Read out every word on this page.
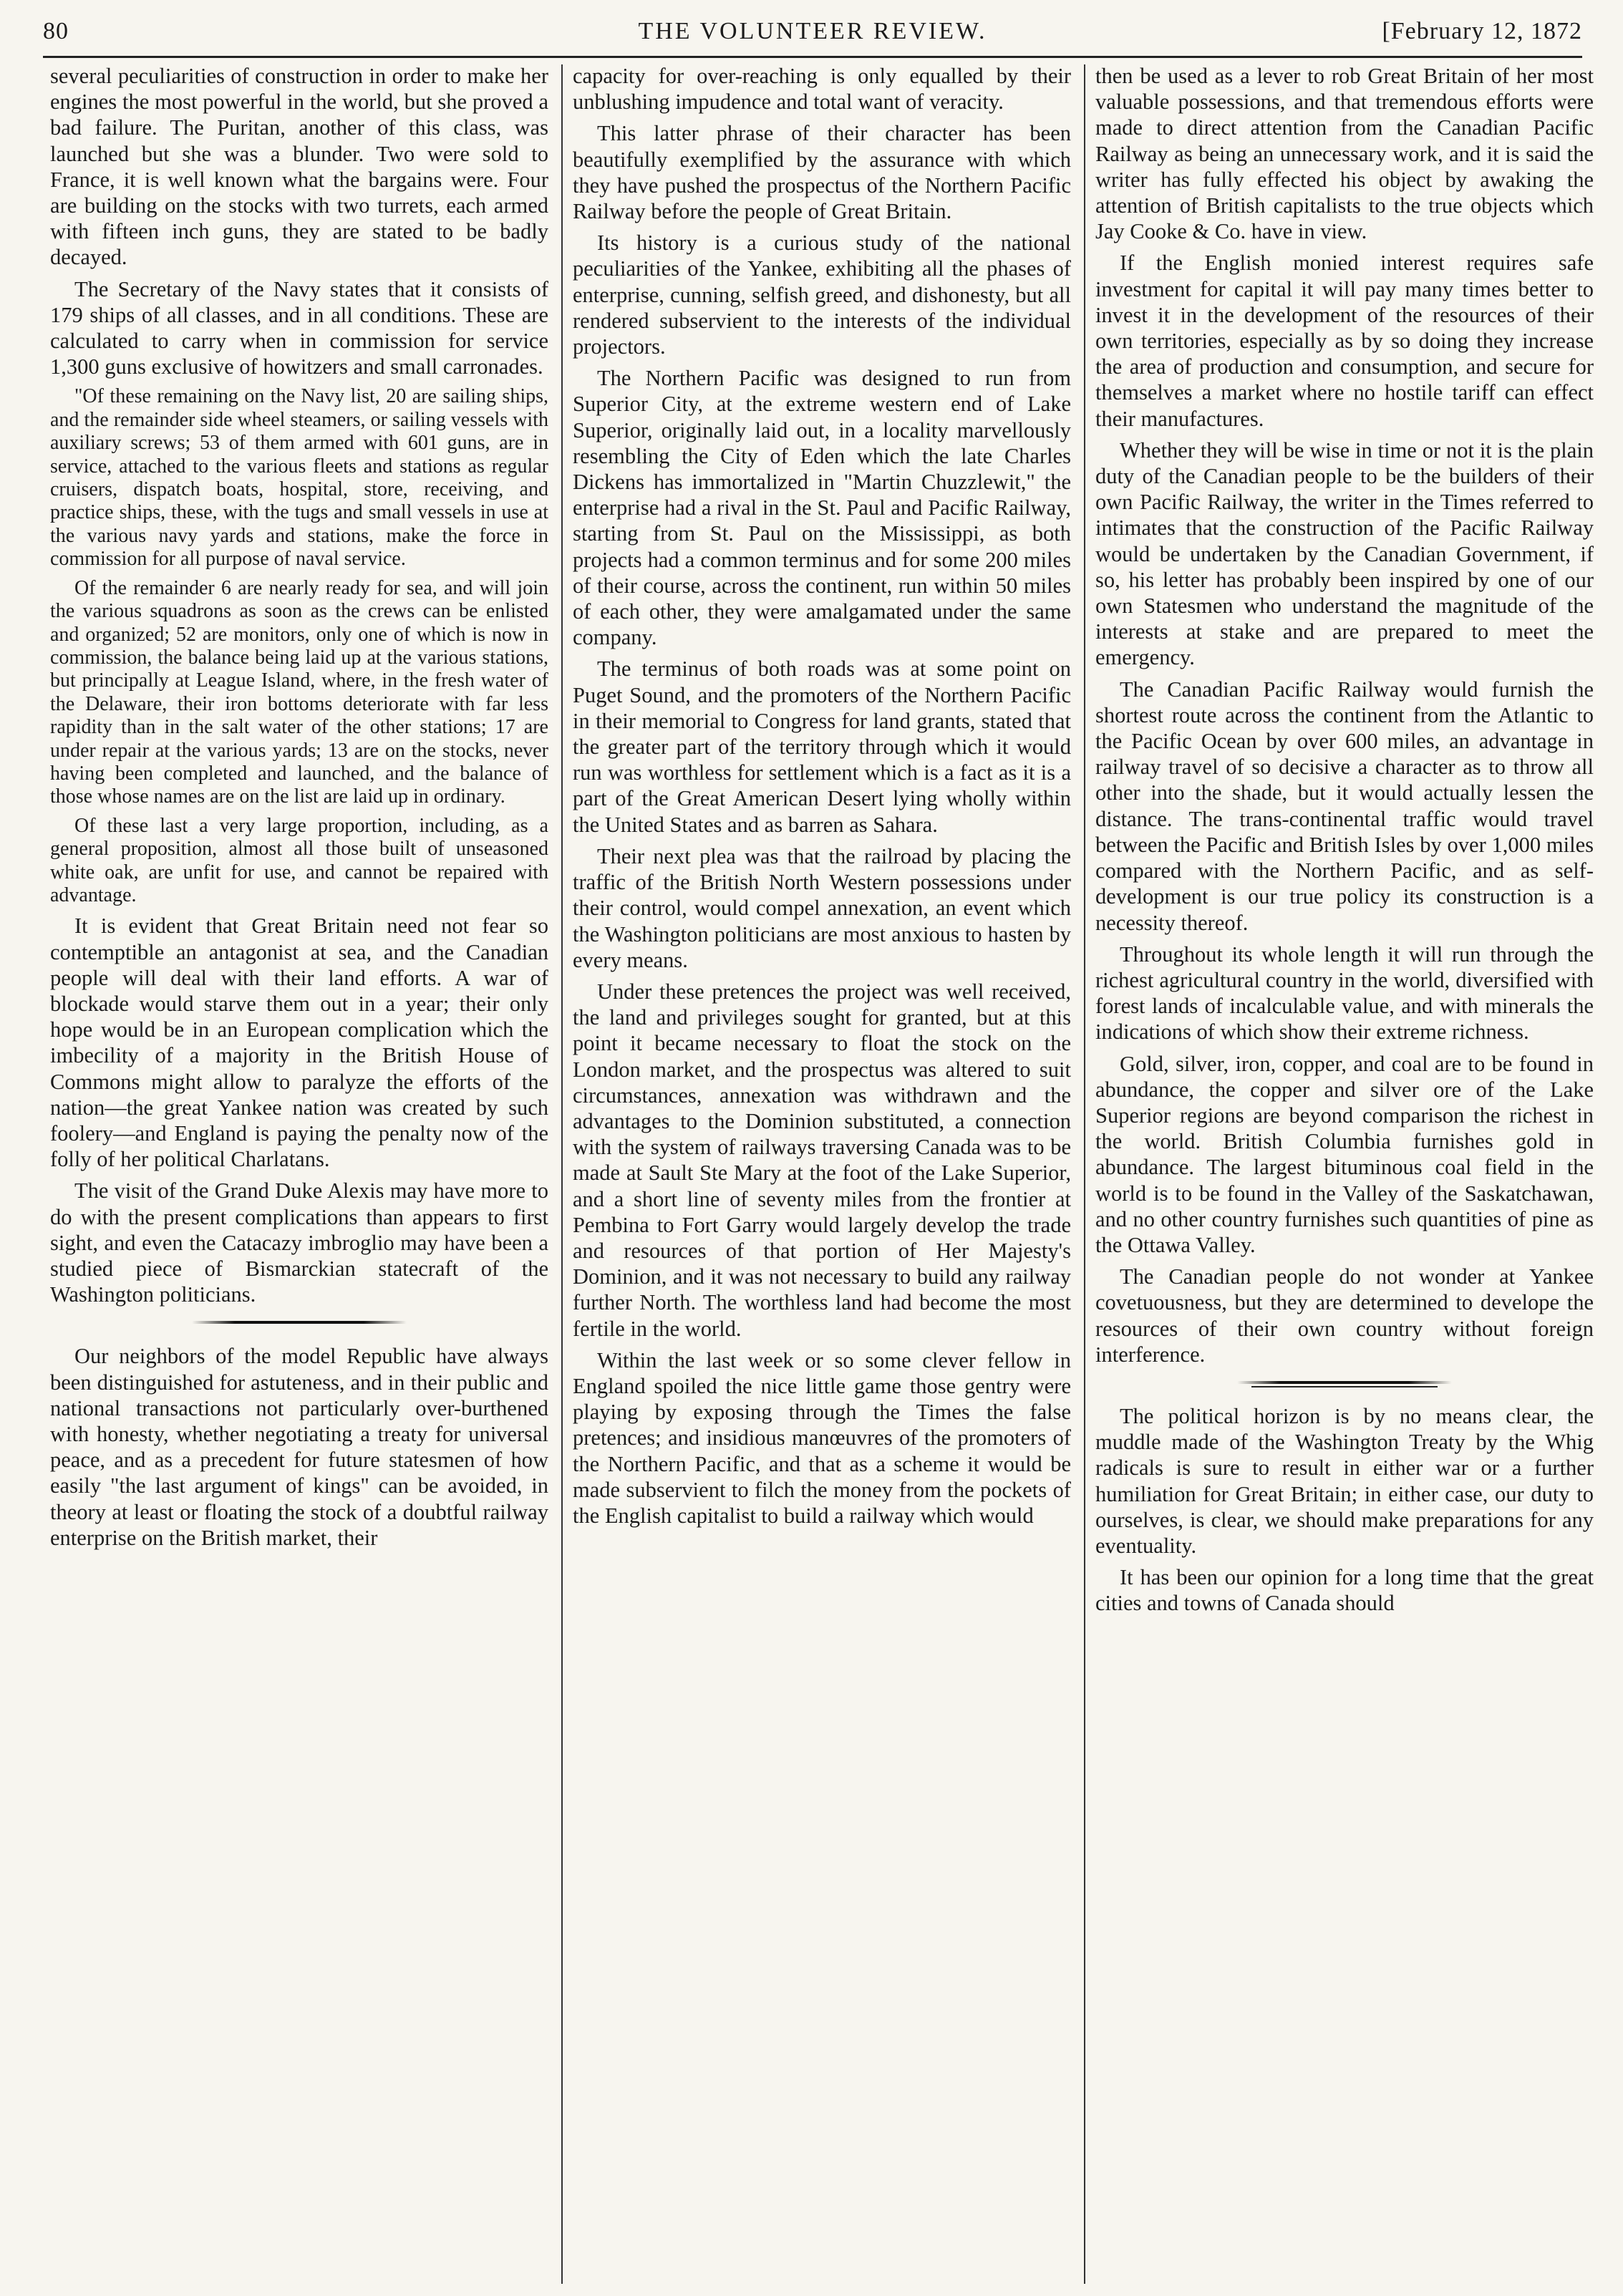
80	THE VOLUNTEER REVIEW.	[February 12, 1872

several peculiarities of construction in order to make her engines the most powerful in the world, but she proved a bad failure. The Puritan, another of this class, was launched but she was a blunder. Two were sold to France, it is well known what the bargains were. Four are building on the stocks with two turrets, each armed with fifteen inch guns, they are stated to be badly decayed.

The Secretary of the Navy states that it consists of 179 ships of all classes, and in all conditions. These are calculated to carry when in commission for service 1,300 guns exclusive of howitzers and small carronades.

"Of these remaining on the Navy list, 20 are sailing ships, and the remainder side wheel steamers, or sailing vessels with auxiliary screws; 53 of them armed with 601 guns, are in service, attached to the various fleets and stations as regular cruisers, dispatch boats, hospital, store, receiving, and practice ships, these, with the tugs and small vessels in use at the various navy yards and stations, make the force in commission for all purpose of naval service.

Of the remainder 6 are nearly ready for sea, and will join the various squadrons as soon as the crews can be enlisted and organized; 52 are monitors, only one of which is now in commission, the balance being laid up at the various stations, but principally at League Island, where, in the fresh water of the Delaware, their iron bottoms deteriorate with far less rapidity than in the salt water of the other stations; 17 are under repair at the various yards; 13 are on the stocks, never having been completed and launched, and the balance of those whose names are on the list are laid up in ordinary.

Of these last a very large proportion, including, as a general proposition, almost all those built of unseasoned white oak, are unfit for use, and cannot be repaired with advantage.

It is evident that Great Britain need not fear so contemptible an antagonist at sea, and the Canadian people will deal with their land efforts. A war of blockade would starve them out in a year; their only hope would be in an European complication which the imbecility of a majority in the British House of Commons might allow to paralyze the efforts of the nation—the great Yankee nation was created by such foolery—and England is paying the penalty now of the folly of her political Charlatans.

The visit of the Grand Duke Alexis may have more to do with the present complications than appears to first sight, and even the Catacazy imbroglio may have been a studied piece of Bismarckian statecraft of the Washington politicians.

Our neighbors of the model Republic have always been distinguished for astuteness, and in their public and national transactions not particularly over-burthened with honesty, whether negotiating a treaty for universal peace, and as a precedent for future statesmen of how easily "the last argument of kings" can be avoided, in theory at least or floating the stock of a doubtful railway enterprise on the British market, their

capacity for over-reaching is only equalled by their unblushing impudence and total want of veracity.

This latter phrase of their character has been beautifully exemplified by the assurance with which they have pushed the prospectus of the Northern Pacific Railway before the people of Great Britain.

Its history is a curious study of the national peculiarities of the Yankee, exhibiting all the phases of enterprise, cunning, selfish greed, and dishonesty, but all rendered subservient to the interests of the individual projectors.

The Northern Pacific was designed to run from Superior City, at the extreme western end of Lake Superior, originally laid out, in a locality marvellously resembling the City of Eden which the late Charles Dickens has immortalized in "Martin Chuzzlewit," the enterprise had a rival in the St. Paul and Pacific Railway, starting from St. Paul on the Mississippi, as both projects had a common terminus and for some 200 miles of their course, across the continent, run within 50 miles of each other, they were amalgamated under the same company.

The terminus of both roads was at some point on Puget Sound, and the promoters of the Northern Pacific in their memorial to Congress for land grants, stated that the greater part of the territory through which it would run was worthless for settlement which is a fact as it is a part of the Great American Desert lying wholly within the United States and as barren as Sahara.

Their next plea was that the railroad by placing the traffic of the British North Western possessions under their control, would compel annexation, an event which the Washington politicians are most anxious to hasten by every means.

Under these pretences the project was well received, the land and privileges sought for granted, but at this point it became necessary to float the stock on the London market, and the prospectus was altered to suit circumstances, annexation was withdrawn and the advantages to the Dominion substituted, a connection with the system of railways traversing Canada was to be made at Sault Ste Mary at the foot of the Lake Superior, and a short line of seventy miles from the frontier at Pembina to Fort Garry would largely develop the trade and resources of that portion of Her Majesty's Dominion, and it was not necessary to build any railway further North. The worthless land had become the most fertile in the world.

Within the last week or so some clever fellow in England spoiled the nice little game those gentry were playing by exposing through the Times the false pretences; and insidious manœuvres of the promoters of the Northern Pacific, and that as a scheme it would be made subservient to filch the money from the pockets of the English capitalist to build a railway which would

then be used as a lever to rob Great Britain of her most valuable possessions, and that tremendous efforts were made to direct attention from the Canadian Pacific Railway as being an unnecessary work, and it is said the writer has fully effected his object by awaking the attention of British capitalists to the true objects which Jay Cooke & Co. have in view.

If the English monied interest requires safe investment for capital it will pay many times better to invest it in the development of the resources of their own territories, especially as by so doing they increase the area of production and consumption, and secure for themselves a market where no hostile tariff can effect their manufactures.

Whether they will be wise in time or not it is the plain duty of the Canadian people to be the builders of their own Pacific Railway, the writer in the Times referred to intimates that the construction of the Pacific Railway would be undertaken by the Canadian Government, if so, his letter has probably been inspired by one of our own Statesmen who understand the magnitude of the interests at stake and are prepared to meet the emergency.

The Canadian Pacific Railway would furnish the shortest route across the continent from the Atlantic to the Pacific Ocean by over 600 miles, an advantage in railway travel of so decisive a character as to throw all other into the shade, but it would actually lessen the distance. The trans-continental traffic would travel between the Pacific and British Isles by over 1,000 miles compared with the Northern Pacific, and as self-development is our true policy its construction is a necessity thereof.

Throughout its whole length it will run through the richest agricultural country in the world, diversified with forest lands of incalculable value, and with minerals the indications of which show their extreme richness.

Gold, silver, iron, copper, and coal are to be found in abundance, the copper and silver ore of the Lake Superior regions are beyond comparison the richest in the world. British Columbia furnishes gold in abundance. The largest bituminous coal field in the world is to be found in the Valley of the Saskatchawan, and no other country furnishes such quantities of pine as the Ottawa Valley.

The Canadian people do not wonder at Yankee covetuousness, but they are determined to develope the resources of their own country without foreign interference.

The political horizon is by no means clear, the muddle made of the Washington Treaty by the Whig radicals is sure to result in either war or a further humiliation for Great Britain; in either case, our duty to ourselves, is clear, we should make preparations for any eventuality.

It has been our opinion for a long time that the great cities and towns of Canada should
